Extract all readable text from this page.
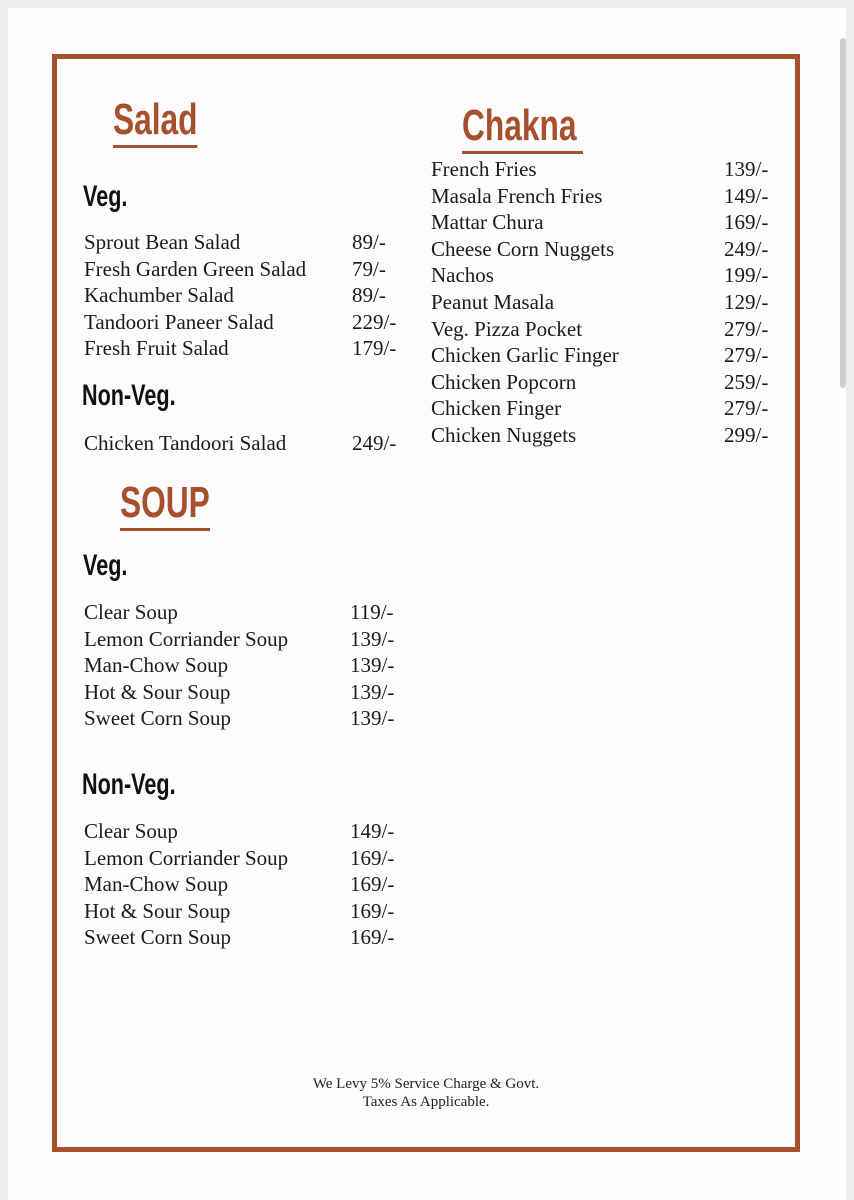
Salad
Veg.
Sprout Bean Salad	89/-
Fresh Garden Green Salad 79/-
Kachumber Salad	89/-
Tandoori Paneer Salad	229/-
Fresh Fruit Salad	179/-
Non-Veg.
Chicken Tandoori Salad	249/-
SOUP
Veg.
Clear Soup	119/-
Lemon Corriander Soup	139/-
Man-Chow Soup	139/-
Hot & Sour Soup	139/-
Sweet Corn Soup	139/-
Non-Veg.
Clear Soup	149/-
Lemon Corriander Soup	169/-
Man-Chow Soup	169/-
Hot & Sour Soup	169/-
Sweet Corn Soup	169/-
Chakna
French Fries	139/-
Masala French Fries	149/-
Mattar Chura	169/-
Cheese Corn Nuggets	249/-
Nachos	199/-
Peanut Masala	129/-
Veg. Pizza Pocket	279/-
Chicken Garlic Finger	279/-
Chicken Popcorn	259/-
Chicken Finger	279/-
Chicken Nuggets	299/-
We Levy 5% Service Charge & Govt.
Taxes As Applicable.
